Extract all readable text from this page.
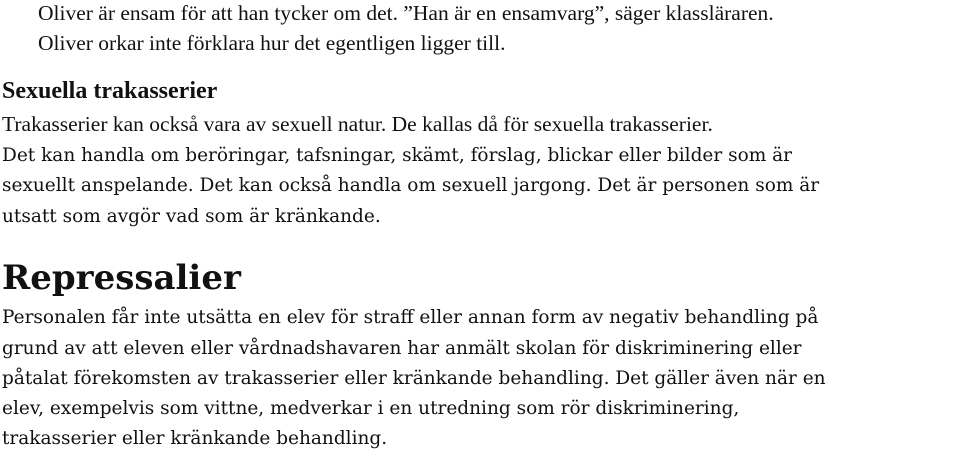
Oliver är ensam för att han tycker om det. ”Han är en ensamvarg”, säger klassläraren.
Oliver orkar inte förklara hur det egentligen ligger till.
Sexuella trakasserier
Trakasserier kan också vara av sexuell natur. De kallas då för sexuella trakasserier.
Det kan handla om beröringar, tafsningar, skämt, förslag, blickar eller bilder som är
sexuellt anspelande. Det kan också handla om sexuell jargong. Det är personen som är
utsatt som avgör vad som är kränkande.
Repressalier
Personalen får inte utsätta en elev för straff eller annan form av negativ behandling på
grund av att eleven eller vårdnadshavaren har anmält skolan för diskriminering eller
påtalat förekomsten av trakasserier eller kränkande behandling. Det gäller även när en
elev, exempelvis som vittne, medverkar i en utredning som rör diskriminering,
trakasserier eller kränkande behandling.
